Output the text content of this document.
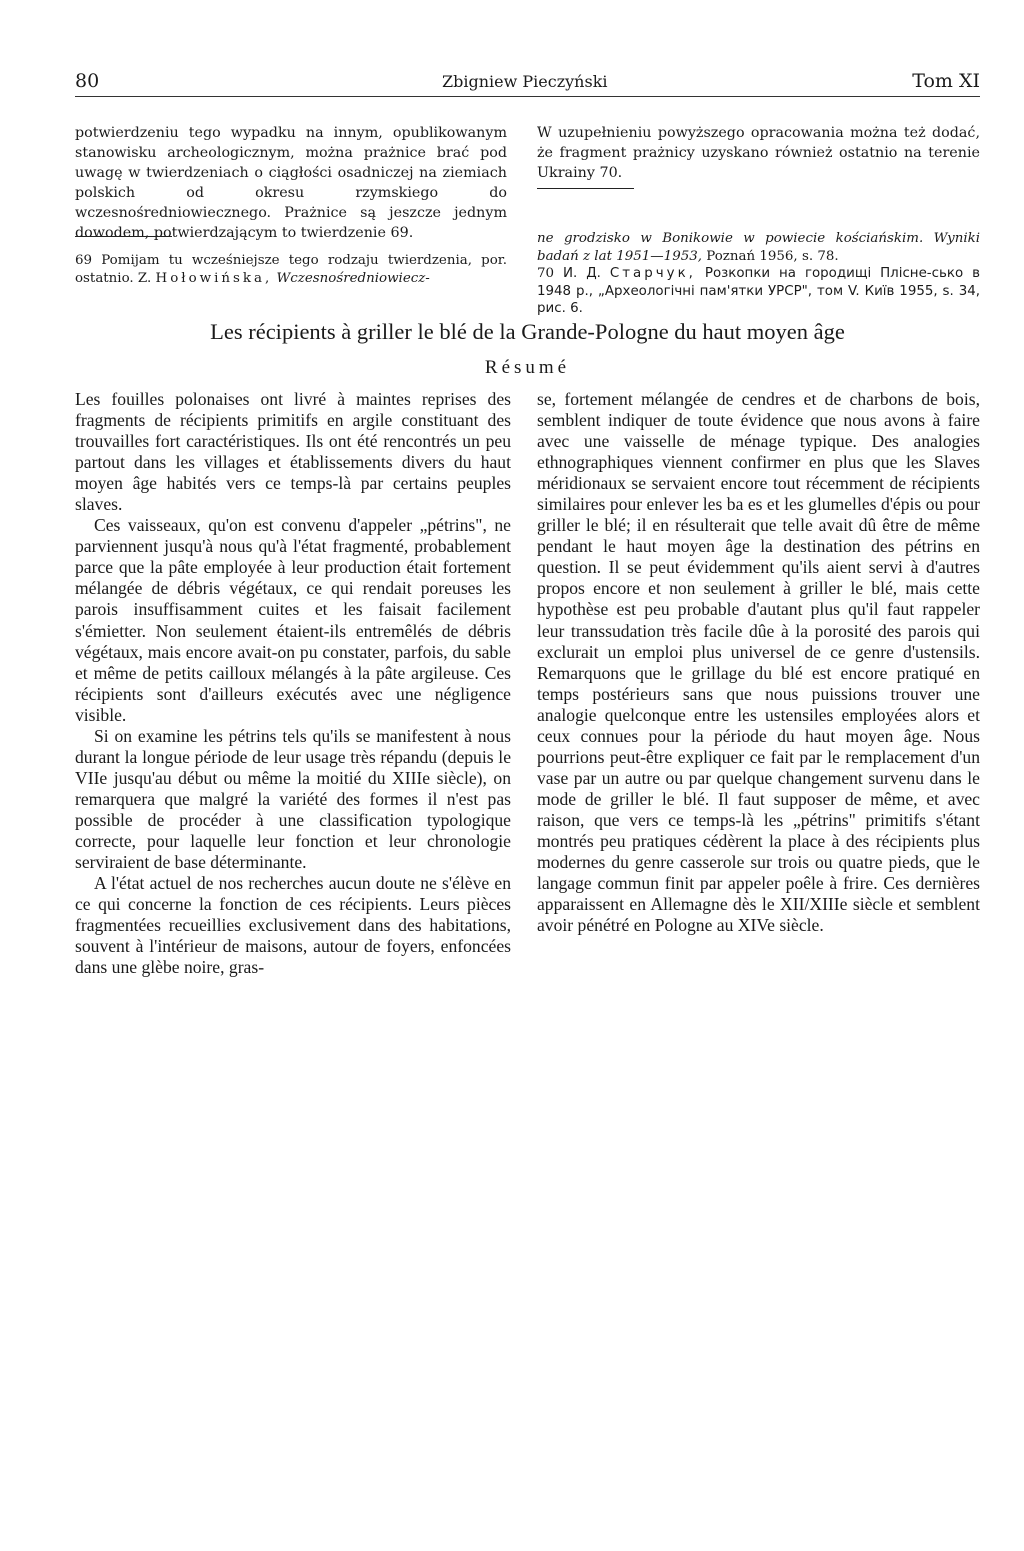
80	Zbigniew Pieczyński	Tom XI

potwierdzeniu tego wypadku na innym, opublikowanym stanowisku archeologicznym, można prażnice brać pod uwagę w twierdzeniach o ciągłości osadniczej na ziemiach polskich od okresu rzymskiego do wczesnośredniowiecznego. Prażnice są jeszcze jednym dowodem, potwierdzającym to twierdzenie 69.

69 Pomijam tu wcześniejsze tego rodzaju twierdzenia, por. ostatnio. Z. Hołowińska, Wczesnośredniowiecz-

W uzupełnieniu powyższego opracowania można też dodać, że fragment prażnicy uzyskano również ostatnio na terenie Ukrainy 70.

ne grodzisko w Bonikowie w powiecie kościańskim. Wyniki badań z lat 1951—1953, Poznań 1956, s. 78.

70 И. Д. Старчук, Розкопки на городищі Плісне-сько в 1948 р., „Археологічні пам'ятки УРСР", том V. Київ 1955, s. 34, рис. 6.

Les récipients à griller le blé de la Grande-Pologne du haut moyen âge
Résumé

Les fouilles polonaises ont livré à maintes reprises des fragments de récipients primitifs en argile constituant des trouvailles fort caractéristiques. Ils ont été rencontrés un peu partout dans les villages et établissements divers du haut moyen âge habités vers ce temps-là par certains peuples slaves.

Ces vaisseaux, qu'on est convenu d'appeler „pétrins", ne parviennent jusqu'à nous qu'à l'état fragmenté, probablement parce que la pâte employée à leur production était fortement mélangée de débris végétaux, ce qui rendait poreuses les parois insuffisamment cuites et les faisait facilement s'émietter. Non seulement étaient-ils entremêlés de débris végétaux, mais encore avait-on pu constater, parfois, du sable et même de petits cailloux mélangés à la pâte argileuse. Ces récipients sont d'ailleurs exécutés avec une négligence visible.

Si on examine les pétrins tels qu'ils se manifestent à nous durant la longue période de leur usage très répandu (depuis le VIIe jusqu'au début ou même la moitié du XIIIe siècle), on remarquera que malgré la variété des formes il n'est pas possible de procéder à une classification typologique correcte, pour laquelle leur fonction et leur chronologie serviraient de base déterminante.

A l'état actuel de nos recherches aucun doute ne s'élève en ce qui concerne la fonction de ces récipients. Leurs pièces fragmentées recueillies exclusivement dans des habitations, souvent à l'intérieur de maisons, autour de foyers, enfoncées dans une glèbe noire, gras-

se, fortement mélangée de cendres et de charbons de bois, semblent indiquer de toute évidence que nous avons à faire avec une vaisselle de ménage typique. Des analogies ethnographiques viennent confirmer en plus que les Slaves méridionaux se servaient encore tout récemment de récipients similaires pour enlever les ba es et les glumelles d'épis ou pour griller le blé; il en résulterait que telle avait dû être de même pendant le haut moyen âge la destination des pétrins en question. Il se peut évidemment qu'ils aient servi à d'autres propos encore et non seulement à griller le blé, mais cette hypothèse est peu probable d'autant plus qu'il faut rappeler leur transsudation très facile dûe à la porosité des parois qui exclurait un emploi plus universel de ce genre d'ustensils. Remarquons que le grillage du blé est encore pratiqué en temps postérieurs sans que nous puissions trouver une analogie quelconque entre les ustensiles employées alors et ceux connues pour la période du haut moyen âge. Nous pourrions peut-être expliquer ce fait par le remplacement d'un vase par un autre ou par quelque changement survenu dans le mode de griller le blé. Il faut supposer de même, et avec raison, que vers ce temps-là les „pétrins" primitifs s'étant montrés peu pratiques cédèrent la place à des récipients plus modernes du genre casserole sur trois ou quatre pieds, que le langage commun finit par appeler poêle à frire. Ces dernières apparaissent en Allemagne dès le XII/XIIIe siècle et semblent avoir pénétré en Pologne au XIVe siècle.
